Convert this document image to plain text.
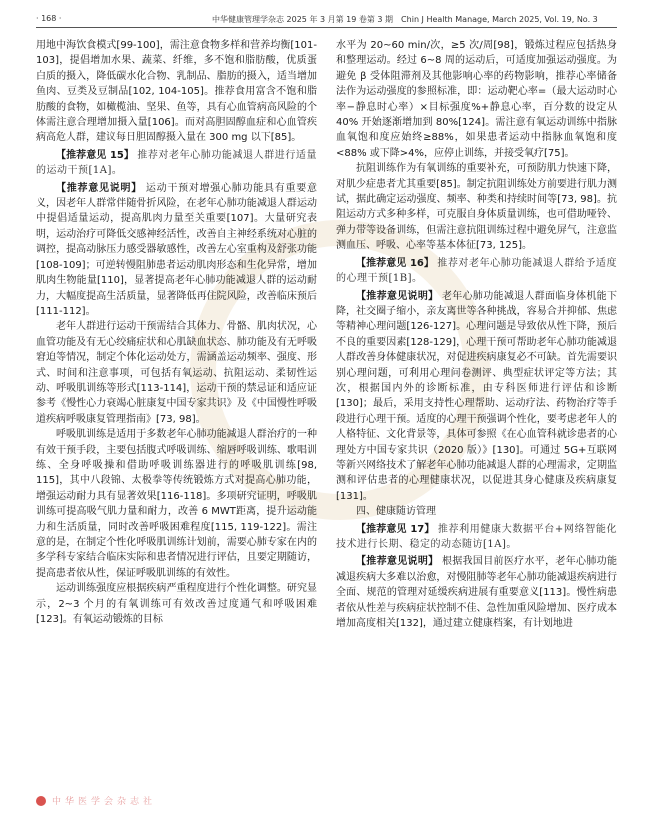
· 168 ·	中华健康管理学杂志 2025 年 3 月第 19 卷第 3 期　Chin J Health Manage, March 2025, Vol. 19, No. 3

用地中海饮食模式[99-100]，需注意食物多样和营养均衡[101-103]，提倡增加水果、蔬菜、纤维，多不饱和脂肪酸，优质蛋白质的摄入，降低碳水化合物、乳制品、脂肪的摄入，适当增加鱼肉、豆类及豆制品[102, 104-105]。推荐食用富含不饱和脂肪酸的食物，如橄榄油、坚果、鱼等，具有心血管病高风险的个体需注意合理增加摄入量[106]。而对高胆固醇血症和心血管疾病高危人群，建议每日胆固醇摄入量在 300 mg 以下[85]。

【推荐意见 15】 推荐对老年心肺功能减退人群进行适量的运动干预[1A]。

【推荐意见说明】 运动干预对增强心肺功能具有重要意义，因老年人群常伴随骨折风险，在老年心肺功能减退人群运动中提倡适量运动，提高肌肉力量至关重要[107]。大量研究表明，运动治疗可降低交感神经活性，改善自主神经系统对心脏的调控，提高动脉压力感受器敏感性，改善左心室重构及舒张功能[108-109]；可逆转慢阻肺患者运动肌肉形态和生化异常，增加肌肉生物能量[110]，显著提高老年心肺功能减退人群的运动耐力，大幅度提高生活质量，显著降低再住院风险，改善临床预后[111-112]。

老年人群进行运动干预需结合其体力、骨骼、肌肉状况，心血管功能及有无心绞痛症状和心肌缺血状态、肺功能及有无呼吸窘迫等情况，制定个体化运动处方，需涵盖运动频率、强度、形式、时间和注意事项，可包括有氧运动、抗阻运动、柔韧性运动、呼吸肌训练等形式[113-114]，运动干预的禁忌证和适应证参考《慢性心力衰竭心脏康复中国专家共识》及《中国慢性呼吸道疾病呼吸康复管理指南》[73, 98]。

呼吸肌训练是适用于多数老年心肺功能减退人群治疗的一种有效干预手段，主要包括腹式呼吸训练、缩唇呼吸训练、歌唱训练、全身呼吸操和借助呼吸训练器进行的呼吸肌训练[98, 115]，其中八段锦、太极拳等传统锻炼方式对提高心肺功能，增强运动耐力具有显著效果[116-118]。多项研究证明，呼吸肌训练可提高吸气肌力量和耐力，改善 6 MWT距离，提升运动能力和生活质量，同时改善呼吸困难程度[115, 119-122]。需注意的是，在制定个性化呼吸肌训练计划前，需要心肺专家在内的多学科专家结合临床实际和患者情况进行评估，且要定期随访，提高患者依从性，保证呼吸肌训练的有效性。

运动训练强度应根据疾病严重程度进行个性化调整。研究显示，2~3 个月的有氧训练可有效改善过度通气和呼吸困难[123]。有氧运动锻炼的目标

水平为 20~60 min/次，≥5 次/周[98]，锻炼过程应包括热身和整理运动。经过 6~8 周的运动后，可适度加强运动强度。为避免 β 受体阻滞剂及其他影响心率的药物影响，推荐心率储备法作为运动强度的参照标准，即：运动靶心率=（最大运动时心率−静息时心率）×目标强度%+静息心率，百分数的设定从 40% 开始逐渐增加到 80%[124]。需注意有氧运动训练中指脉血氧饱和度应始终≥88%，如果患者运动中指脉血氧饱和度<88% 或下降>4%，应停止训练，并接受氧疗[75]。

抗阻训练作为有氧训练的重要补充，可预防肌力快速下降，对肌少症患者尤其重要[85]。制定抗阻训练处方前要进行肌力测试，据此确定运动强度、频率、种类和持续时间等[73, 98]。抗阻运动方式多种多样，可克服自身体质量训练，也可借助哑铃、弹力带等设备训练，但需注意抗阻训练过程中避免屏气，注意监测血压、呼吸、心率等基本体征[73, 125]。

【推荐意见 16】 推荐对老年心肺功能减退人群给予适度的心理干预[1B]。

【推荐意见说明】 老年心肺功能减退人群面临身体机能下降，社交圈子缩小，亲友离世等各种挑战，容易合并抑郁、焦虑等精神心理问题[126-127]。心理问题是导致依从性下降，预后不良的重要因素[128-129]，心理干预可帮助老年心肺功能减退人群改善身体健康状况，对促进疾病康复必不可缺。首先需要识别心理问题，可利用心理问卷测评、典型症状评定等方法；其次，根据国内外的诊断标准，由专科医师进行评估和诊断[130]；最后，采用支持性心理帮助、运动疗法、药物治疗等手段进行心理干预。适度的心理干预强调个性化，要考虑老年人的人格特征、文化背景等，具体可参照《在心血管科就诊患者的心理处方中国专家共识（2020 版）》[130]。可通过 5G+互联网等新兴网络技术了解老年心肺功能减退人群的心理需求，定期监测和评估患者的心理健康状况，以促进其身心健康及疾病康复[131]。

四、健康随访管理

【推荐意见 17】 推荐利用健康大数据平台+网络智能化技术进行长期、稳定的动态随访[1A]。

【推荐意见说明】 根据我国目前医疗水平，老年心肺功能减退疾病大多难以治愈，对慢阻肺等老年心肺功能减退疾病进行全面、规范的管理对延缓疾病进展有重要意义[113]。慢性病患者依从性差与疾病症状控制不佳、急性加重风险增加、医疗成本增加高度相关[132]，通过建立健康档案，有计划地进

中华医学会杂志社
